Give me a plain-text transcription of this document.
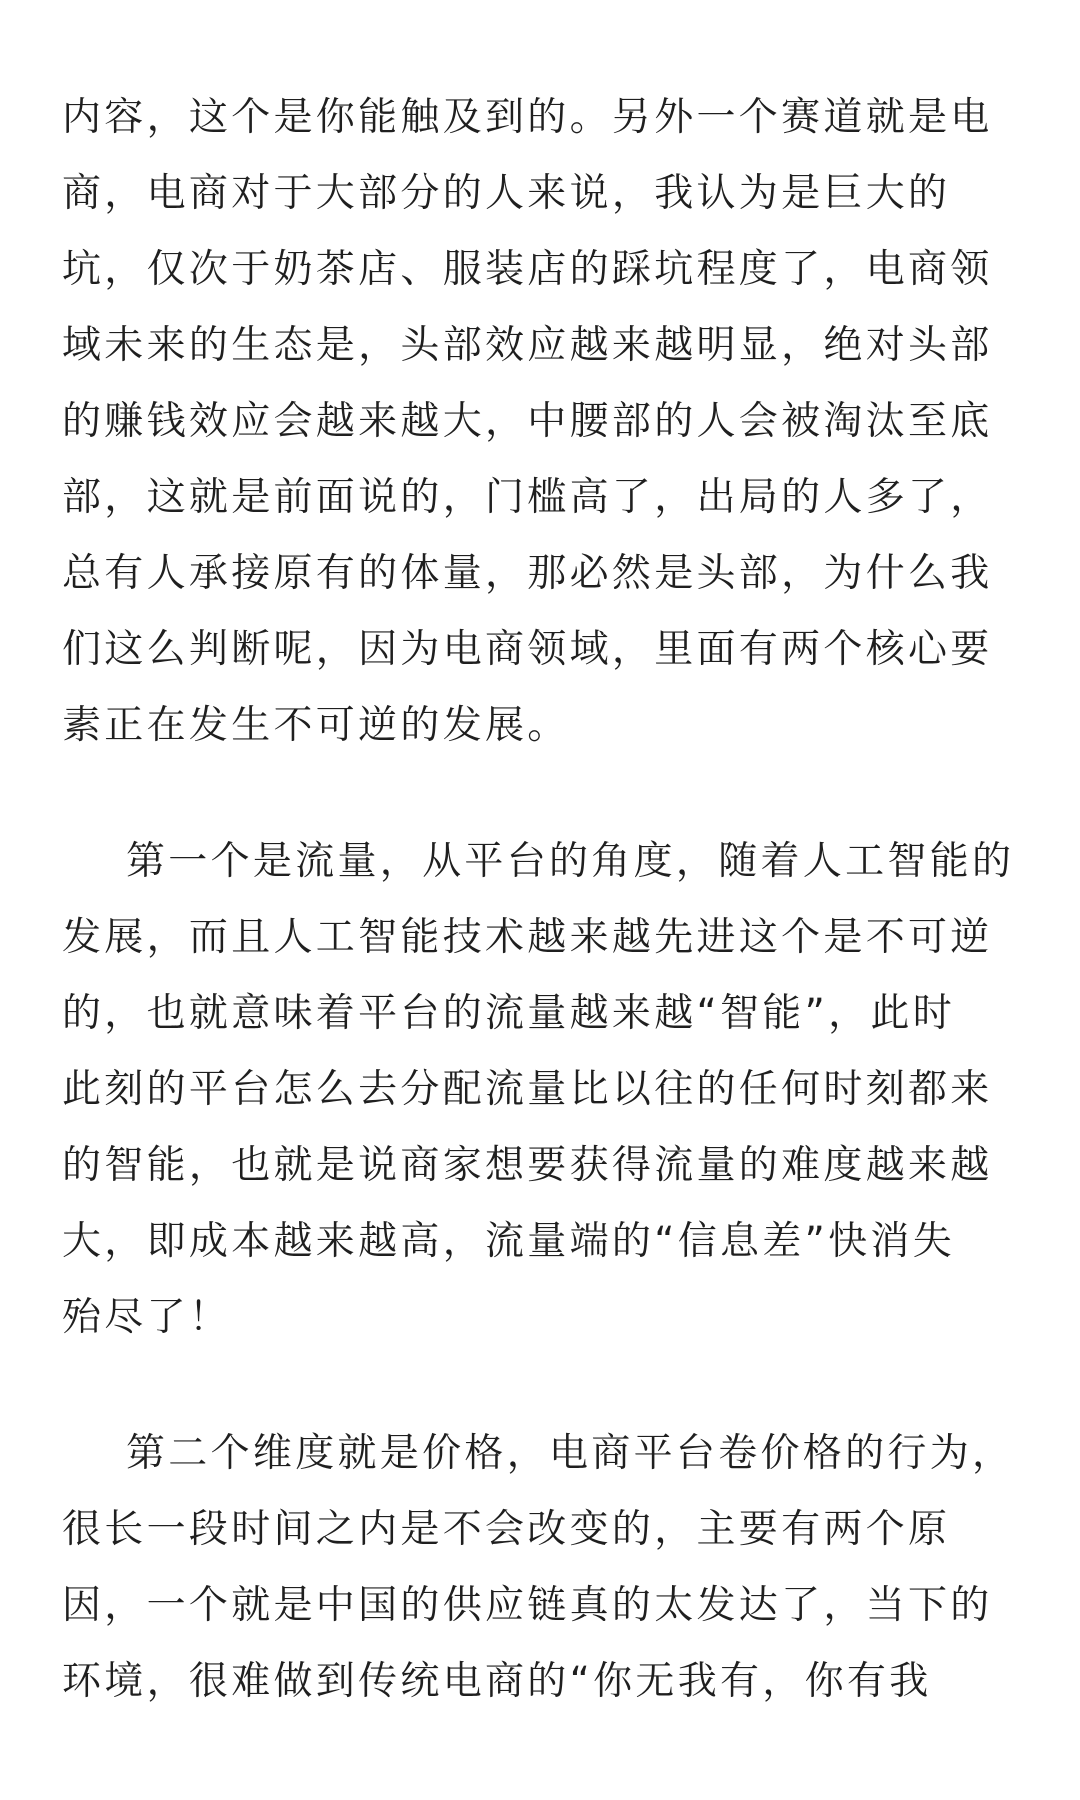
内容，这个是你能触及到的。另外一个赛道就是电
商，电商对于大部分的人来说，我认为是巨大的
坑，仅次于奶茶店、服装店的踩坑程度了，电商领
域未来的生态是，头部效应越来越明显，绝对头部
的赚钱效应会越来越大，中腰部的人会被淘汰至底
部，这就是前面说的，门槛高了，出局的人多了，
总有人承接原有的体量，那必然是头部，为什么我
们这么判断呢，因为电商领域，里面有两个核心要
素正在发生不可逆的发展。

第一个是流量，从平台的角度，随着人工智能的
发展，而且人工智能技术越来越先进这个是不可逆
的，也就意味着平台的流量越来越“智能”，此时
此刻的平台怎么去分配流量比以往的任何时刻都来
的智能，也就是说商家想要获得流量的难度越来越
大，即成本越来越高，流量端的“信息差”快消失
殆尽了！

第二个维度就是价格，电商平台卷价格的行为，
很长一段时间之内是不会改变的，主要有两个原
因，一个就是中国的供应链真的太发达了，当下的
环境，很难做到传统电商的“你无我有，你有我
